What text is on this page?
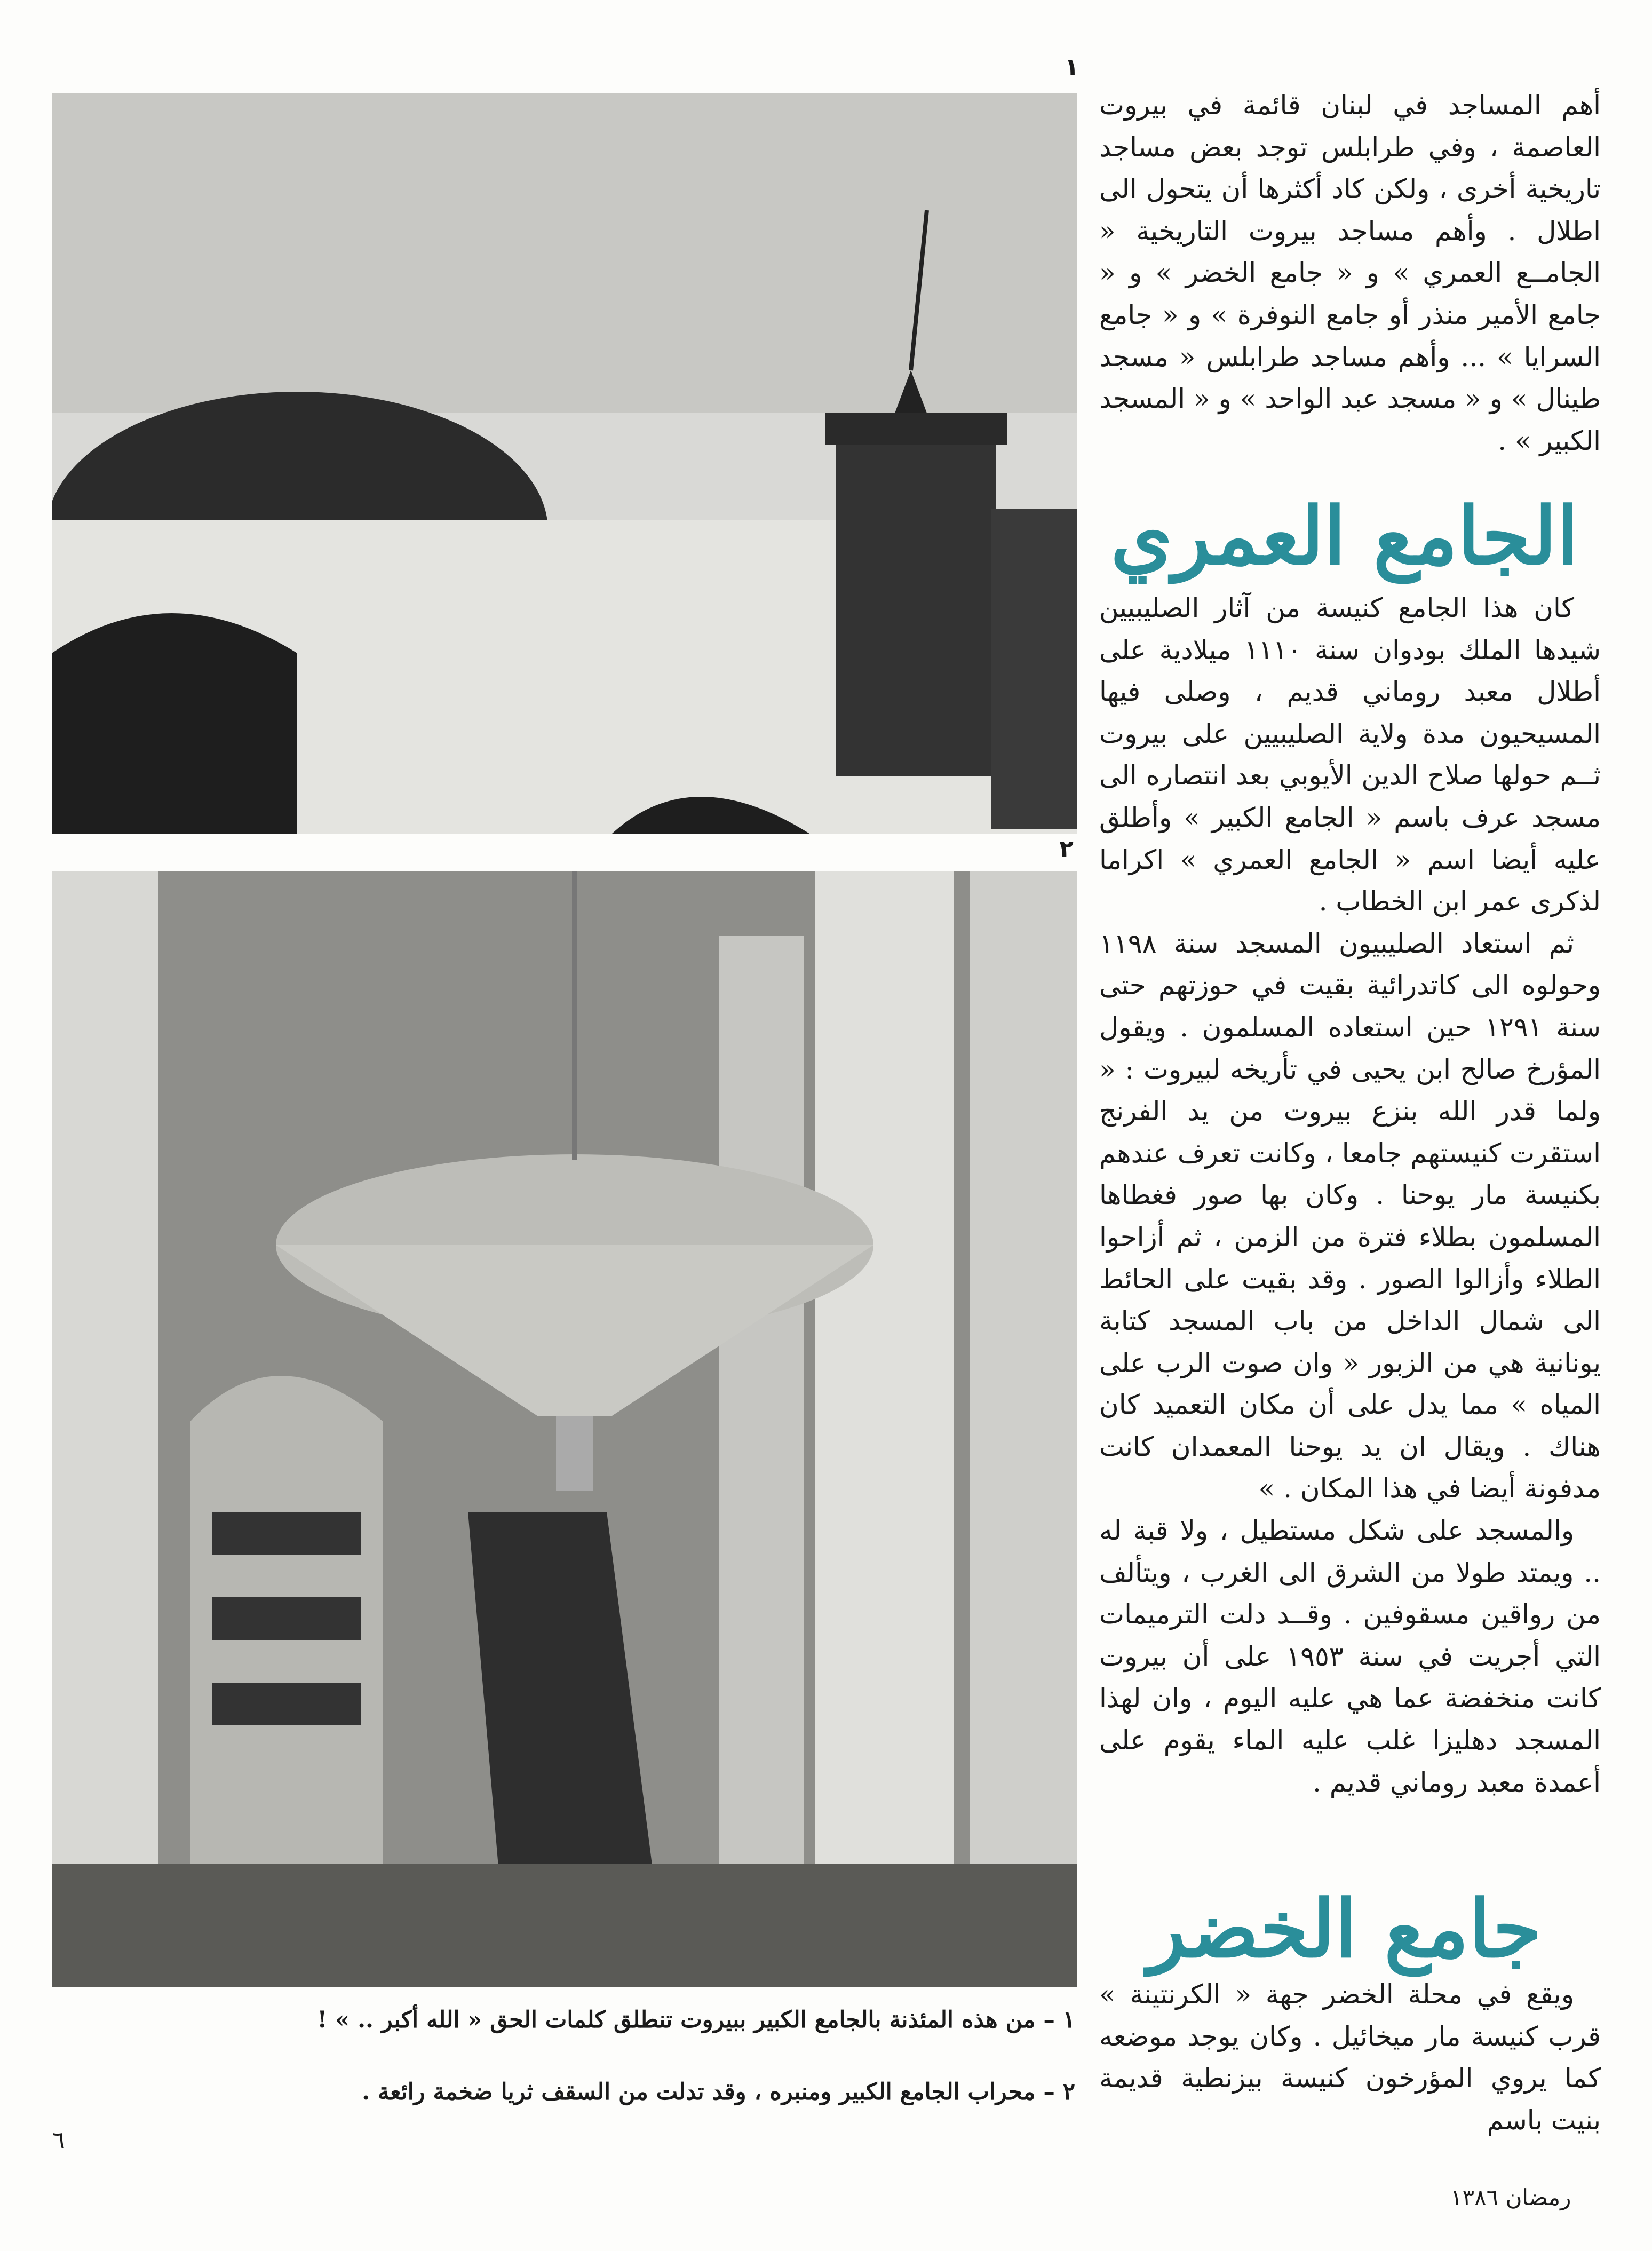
١
٢

أهم المساجد في لبنان قائمة في بيروت العاصمة ، وفي طرابلس توجد بعض مساجد تاريخية أخرى ، ولكن كاد أكثرها أن يتحول الى اطلال . وأهم مساجد بيروت التاريخية « الجامــع العمري » و « جامع الخضر » و « جامع الأمير منذر أو جامع النوفرة » و « جامع السرايا » ... وأهم مساجد طرابلس « مسجد طينال » و « مسجد عبد الواحد » و « المسجد الكبير » .

الجامع العمري

كان هذا الجامع كنيسة من آثار الصليبيين شيدها الملك بودوان سنة ١١١٠ ميلادية على أطلال معبد روماني قديم ، وصلى فيها المسيحيون مدة ولاية الصليبيين على بيروت ثــم حولها صلاح الدين الأيوبي بعد انتصاره الى مسجد عرف باسم « الجامع الكبير » وأطلق عليه أيضا اسم « الجامع العمري » اكراما لذكرى عمر ابن الخطاب .

ثم استعاد الصليبيون المسجد سنة ١١٩٨ وحولوه الى كاتدرائية بقيت في حوزتهم حتى سنة ١٢٩١ حين استعاده المسلمون . ويقول المؤرخ صالح ابن يحيى في تأريخه لبيروت : « ولما قدر الله بنزع بيروت من يد الفرنج استقرت كنيستهم جامعا ، وكانت تعرف عندهم بكنيسة مار يوحنا . وكان بها صور فغطاها المسلمون بطلاء فترة من الزمن ، ثم أزاحوا الطلاء وأزالوا الصور . وقد بقيت على الحائط الى شمال الداخل من باب المسجد كتابة يونانية هي من الزبور « وان صوت الرب على المياه » مما يدل على أن مكان التعميد كان هناك . ويقال ان يد يوحنا المعمدان كانت مدفونة أيضا في هذا المكان . »

والمسجد على شكل مستطيل ، ولا قبة له .. ويمتد طولا من الشرق الى الغرب ، ويتألف من رواقين مسقوفين . وقــد دلت الترميمات التي أجريت في سنة ١٩٥٣ على أن بيروت كانت منخفضة عما هي عليه اليوم ، وان لهذا المسجد دهليزا غلب عليه الماء يقوم على أعمدة معبد روماني قديم .

جامع الخضر

ويقع في محلة الخضر جهة « الكرنتينة » قرب كنيسة مار ميخائيل . وكان يوجد موضعه كما يروي المؤرخون كنيسة بيزنطية قديمة بنيت باسم

١ – من هذه المئذنة بالجامع الكبير ببيروت تنطلق كلمات الحق « الله أكبر .. » !
٢ – محراب الجامع الكبير ومنبره ، وقد تدلت من السقف ثريا ضخمة رائعة .
٦
رمضان ١٣٨٦
